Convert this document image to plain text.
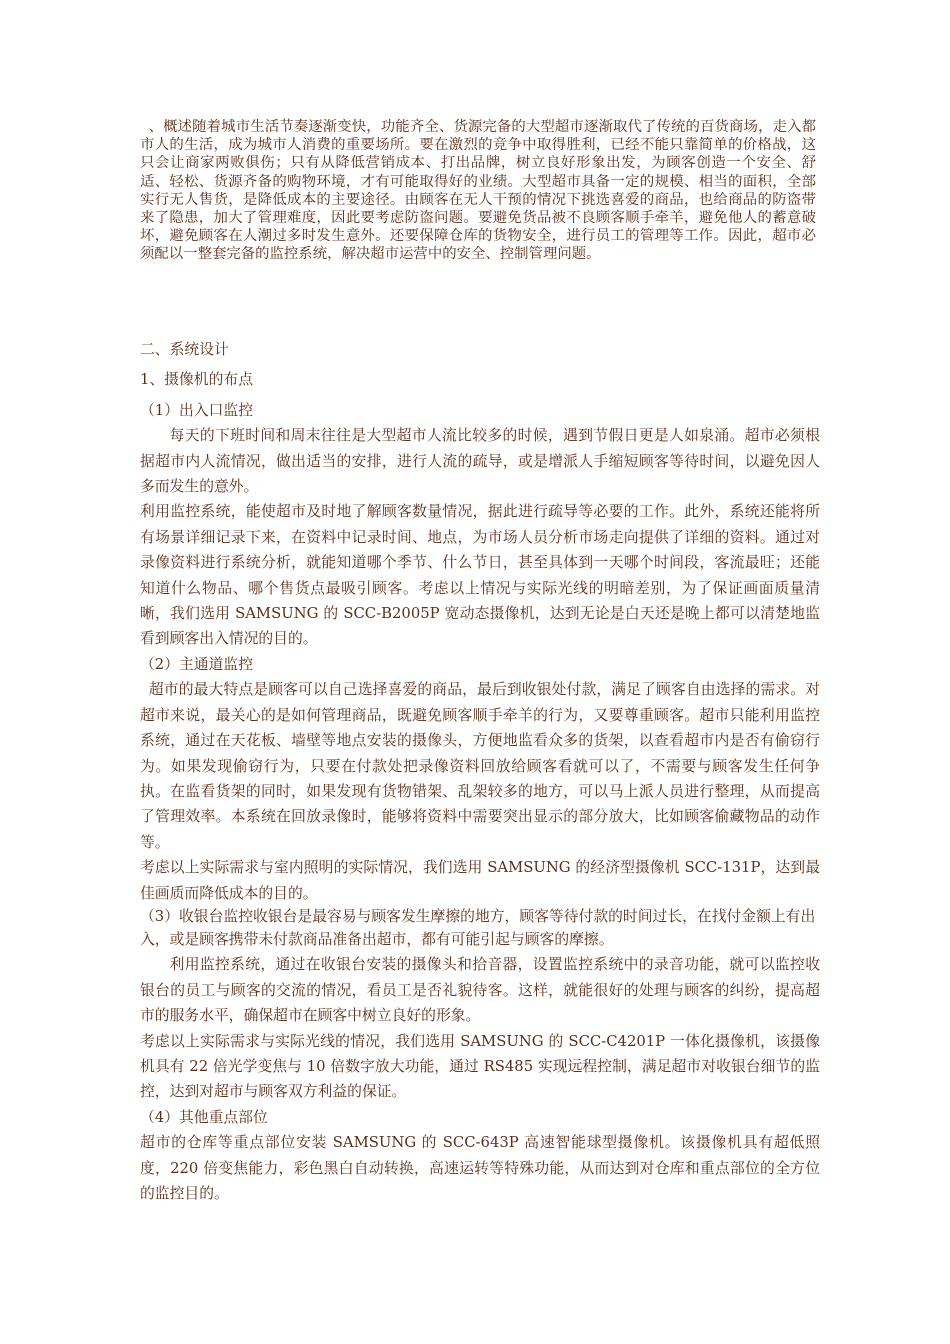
、概述随着城市生活节奏逐渐变快，功能齐全、货源完备的大型超市逐渐取代了传统的百货商场，走入都市人的生活，成为城市人消费的重要场所。要在激烈的竞争中取得胜利，已经不能只靠简单的价格战，这只会让商家两败俱伤；只有从降低营销成本、打出品牌，树立良好形象出发，为顾客创造一个安全、舒适、轻松、货源齐备的购物环境，才有可能取得好的业绩。大型超市具备一定的规模、相当的面积，全部实行无人售货，是降低成本的主要途径。由顾客在无人干预的情况下挑选喜爱的商品，也给商品的防盗带来了隐患，加大了管理难度，因此要考虑防盗问题。要避免货品被不良顾客顺手牵羊，避免他人的蓄意破坏，避免顾客在人潮过多时发生意外。还要保障仓库的货物安全，进行员工的管理等工作。因此，超市必须配以一整套完备的监控系统，解决超市运营中的安全、控制管理问题。

二、系统设计

1、摄像机的布点

（1）出入口监控

每天的下班时间和周末往往是大型超市人流比较多的时候，遇到节假日更是人如泉涌。超市必须根据超市内人流情况，做出适当的安排，进行人流的疏导，或是增派人手缩短顾客等待时间，以避免因人多而发生的意外。

利用监控系统，能使超市及时地了解顾客数量情况，据此进行疏导等必要的工作。此外，系统还能将所有场景详细记录下来，在资料中记录时间、地点，为市场人员分析市场走向提供了详细的资料。通过对录像资料进行系统分析，就能知道哪个季节、什么节日，甚至具体到一天哪个时间段，客流最旺；还能知道什么物品、哪个售货点最吸引顾客。考虑以上情况与实际光线的明暗差别，为了保证画面质量清晰，我们选用 SAMSUNG 的 SCC-B2005P 宽动态摄像机，达到无论是白天还是晚上都可以清楚地监看到顾客出入情况的目的。

（2）主通道监控

超市的最大特点是顾客可以自己选择喜爱的商品，最后到收银处付款，满足了顾客自由选择的需求。对超市来说，最关心的是如何管理商品，既避免顾客顺手牵羊的行为，又要尊重顾客。超市只能利用监控系统，通过在天花板、墙壁等地点安装的摄像头，方便地监看众多的货架，以查看超市内是否有偷窃行为。如果发现偷窃行为，只要在付款处把录像资料回放给顾客看就可以了，不需要与顾客发生任何争执。在监看货架的同时，如果发现有货物错架、乱架较多的地方，可以马上派人员进行整理，从而提高了管理效率。本系统在回放录像时，能够将资料中需要突出显示的部分放大，比如顾客偷藏物品的动作等。

考虑以上实际需求与室内照明的实际情况，我们选用 SAMSUNG 的经济型摄像机 SCC-131P，达到最佳画质而降低成本的目的。

（3）收银台监控收银台是最容易与顾客发生摩擦的地方，顾客等待付款的时间过长，在找付金额上有出

入，或是顾客携带未付款商品准备出超市，都有可能引起与顾客的摩擦。

利用监控系统，通过在收银台安装的摄像头和拾音器，设置监控系统中的录音功能，就可以监控收银台的员工与顾客的交流的情况，看员工是否礼貌待客。这样，就能很好的处理与顾客的纠纷，提高超市的服务水平，确保超市在顾客中树立良好的形象。

考虑以上实际需求与实际光线的情况，我们选用 SAMSUNG 的 SCC-C4201P 一体化摄像机，该摄像机具有 22 倍光学变焦与 10 倍数字放大功能，通过 RS485 实现远程控制，满足超市对收银台细节的监控，达到对超市与顾客双方利益的保证。

（4）其他重点部位

超市的仓库等重点部位安装 SAMSUNG 的 SCC-643P 高速智能球型摄像机。该摄像机具有超低照度，220 倍变焦能力，彩色黑白自动转换，高速运转等特殊功能，从而达到对仓库和重点部位的全方位的监控目的。
